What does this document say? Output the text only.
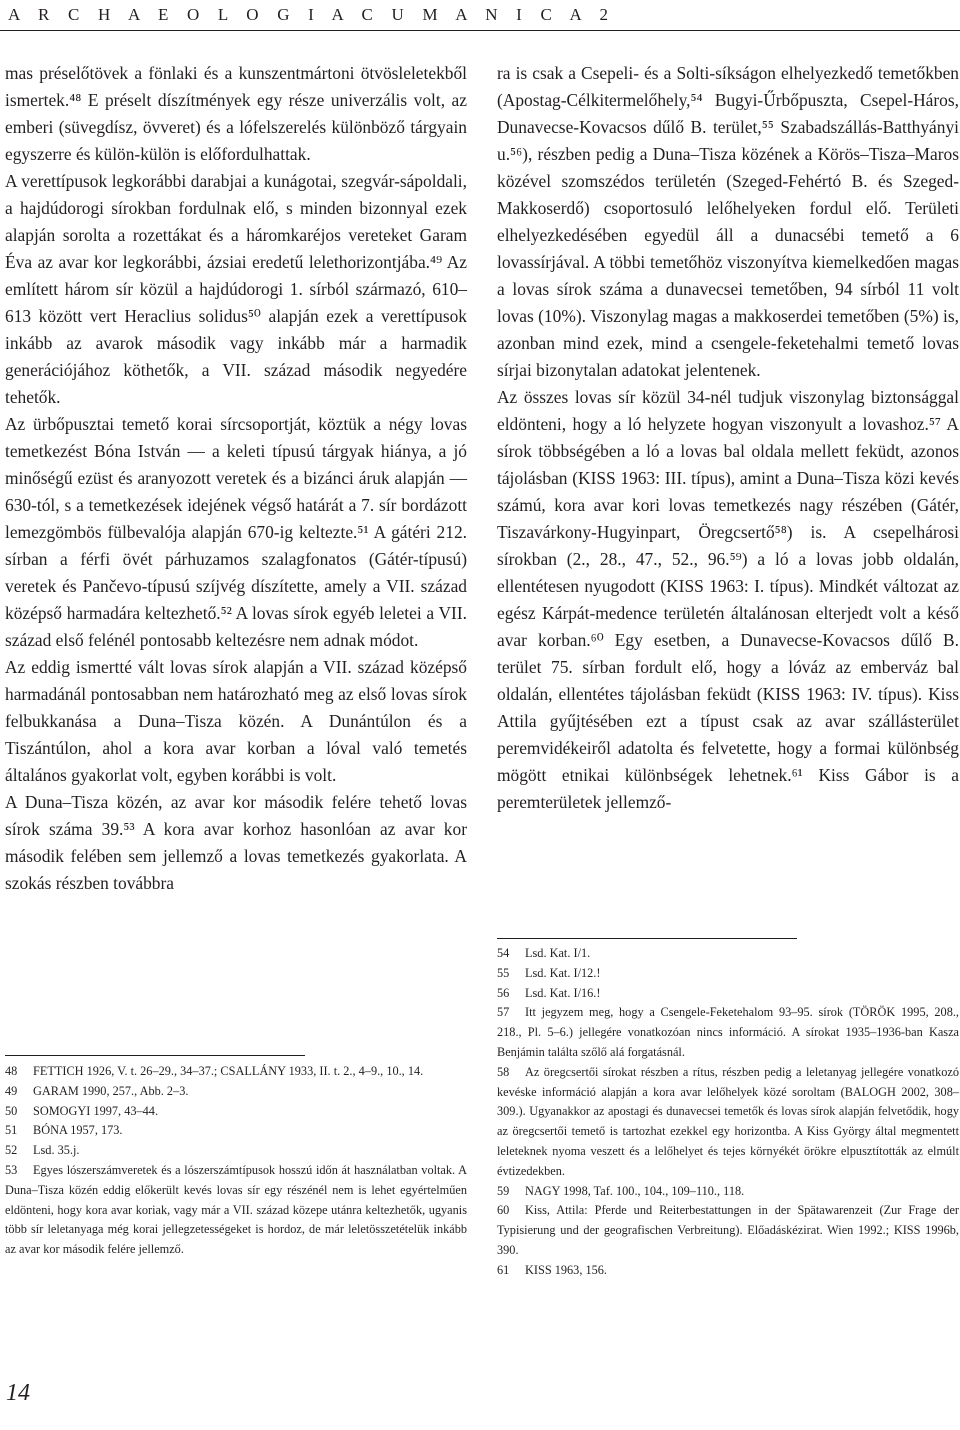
A R C H A E O L O G I A C U M A N I C A 2

mas préselőtövek a fönlaki és a kunszentmártoni ötvösleletekből ismertek.⁴⁸ E préselt díszítmények egy része univerzális volt, az emberi (süvegdísz, övveret) és a lófelszerelés különböző tárgyain egyszerre és külön-külön is előfordulhattak.

A verettípusok legkorábbi darabjai a kunágotai, szegvár-sápoldali, a hajdúdorogi sírokban fordulnak elő, s minden bizonnyal ezek alapján sorolta a rozettákat és a háromkaréjos vereteket Garam Éva az avar kor legkorábbi, ázsiai eredetű lelethorizontjába.⁴⁹ Az említett három sír közül a hajdúdorogi 1. sírból származó, 610–613 között vert Heraclius solidus⁵⁰ alapján ezek a verettípusok inkább az avarok második vagy inkább már a harmadik generációjához köthetők, a VII. század második negyedére tehetők.

Az ürbőpusztai temető korai sírcsoportját, köztük a négy lovas temetkezést Bóna István — a keleti típusú tárgyak hiánya, a jó minőségű ezüst és aranyozott veretek és a bizánci áruk alapján — 630-tól, s a temetkezések idejének végső határát a 7. sír bordázott lemezgömbös fülbevalója alapján 670-ig keltezte.⁵¹ A gátéri 212. sírban a férfi övét párhuzamos szalagfonatos (Gátér-típusú) veretek és Pančevo-típusú szíjvég díszítette, amely a VII. század középső harmadára keltezhető.⁵² A lovas sírok egyéb leletei a VII. század első felénél pontosabb keltezésre nem adnak módot.

Az eddig ismertté vált lovas sírok alapján a VII. század középső harmadánál pontosabban nem határozható meg az első lovas sírok felbukkanása a Duna–Tisza közén. A Dunántúlon és a Tiszántúlon, ahol a kora avar korban a lóval való temetés általános gyakorlat volt, egyben korábbi is volt.

A Duna–Tisza közén, az avar kor második felére tehető lovas sírok száma 39.⁵³ A kora avar korhoz hasonlóan az avar kor második felében sem jellemző a lovas temetkezés gyakorlata. A szokás részben továbbra

48 FETTICH 1926, V. t. 26–29., 34–37.; CSALLÁNY 1933, II. t. 2., 4–9., 10., 14.
49 GARAM 1990, 257., Abb. 2–3.
50 SOMOGYI 1997, 43–44.
51 BÓNA 1957, 173.
52 Lsd. 35.j.
53 Egyes lószerszámveretek és a lószerszámtípusok hosszú időn át használatban voltak. A Duna–Tisza közén eddig előkerült kevés lovas sír egy részénél nem is lehet egyértelműen eldönteni, hogy kora avar koriak, vagy már a VII. század közepe utánra keltezhetők, ugyanis több sír leletanyaga még korai jellegzetességeket is hordoz, de már leletösszetételük inkább az avar kor második felére jellemző.

ra is csak a Csepeli- és a Solti-síkságon elhelyezkedő temetőkben (Apostag-Célkitermelőhely,⁵⁴ Bugyi-Űrbőpuszta, Csepel-Háros, Dunavecse-Kovacsos dűlő B. terület,⁵⁵ Szabadszállás-Batthyányi u.⁵⁶), részben pedig a Duna–Tisza közének a Körös–Tisza–Maros közével szomszédos területén (Szeged-Fehértó B. és Szeged-Makkoserdő) csoportosuló lelőhelyeken fordul elő. Területi elhelyezkedésében egyedül áll a dunacsébi temető a 6 lovassírjával. A többi temetőhöz viszonyítva kiemelkedően magas a lovas sírok száma a dunavecsei temetőben, 94 sírból 11 volt lovas (10%). Viszonylag magas a makkoserdei temetőben (5%) is, azonban mind ezek, mind a csengele-feketehalmi temető lovas sírjai bizonytalan adatokat jelentenek.

Az összes lovas sír közül 34-nél tudjuk viszonylag biztonsággal eldönteni, hogy a ló helyzete hogyan viszonyult a lovashoz.⁵⁷ A sírok többségében a ló a lovas bal oldala mellett feküdt, azonos tájolásban (KISS 1963: III. típus), amint a Duna–Tisza közi kevés számú, kora avar kori lovas temetkezés nagy részében (Gátér, Tiszavárkony-Hugyinpart, Öregcsertő⁵⁸) is. A csepelhárosi sírokban (2., 28., 47., 52., 96.⁵⁹) a ló a lovas jobb oldalán, ellentétesen nyugodott (KISS 1963: I. típus). Mindkét változat az egész Kárpát-medence területén általánosan elterjedt volt a késő avar korban.⁶⁰ Egy esetben, a Dunavecse-Kovacsos dűlő B. terület 75. sírban fordult elő, hogy a lóváz az emberváz bal oldalán, ellentétes tájolásban feküdt (KISS 1963: IV. típus). Kiss Attila gyűjtésében ezt a típust csak az avar szállásterület peremvidékeiről adatolta és felvetette, hogy a formai különbség mögött etnikai különbségek lehetnek.⁶¹ Kiss Gábor is a peremterületek jellemző-

54 Lsd. Kat. I/1.
55 Lsd. Kat. I/12.!
56 Lsd. Kat. I/16.!
57 Itt jegyzem meg, hogy a Csengele-Feketehalom 93–95. sírok (TÖRÖK 1995, 208., 218., Pl. 5–6.) jellegére vonatkozóan nincs információ. A sírokat 1935–1936-ban Kasza Benjámin találta szőlő alá forgatásnál.
58 Az öregcsertői sírokat részben a rítus, részben pedig a leletanyag jellegére vonatkozó kevéske információ alapján a kora avar lelőhelyek közé soroltam (BALOGH 2002, 308–309.). Ugyanakkor az apostagi és dunavecsei temetők és lovas sírok alapján felvetődik, hogy az öregcsertői temető is tartozhat ezekkel egy horizontba. A Kiss György által megmentett leleteknek nyoma veszett és a lelőhelyet és tejes környékét örökre elpusztították az elmúlt évtizedekben.
59 NAGY 1998, Taf. 100., 104., 109–110., 118.
60 Kiss, Attila: Pferde und Reiterbestattungen in der Spätawarenzeit (Zur Frage der Typisierung und der geografischen Verbreitung). Előadáskézirat. Wien 1992.; KISS 1996b, 390.
61 KISS 1963, 156.
14
